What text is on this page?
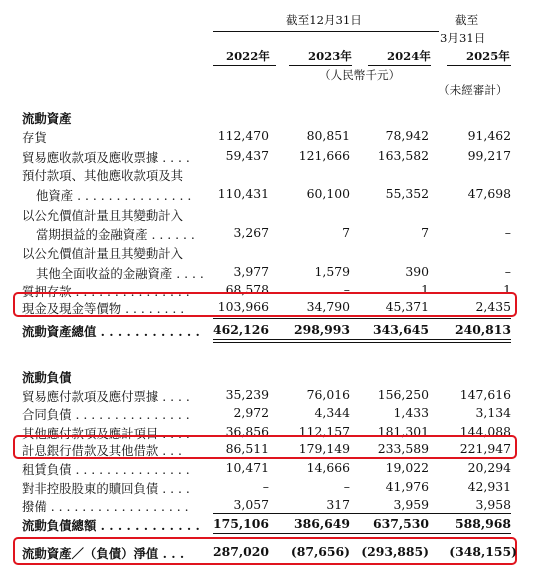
截至12月31日	截至
3月31日
2022年	2023年	2024年	2025年
（人民幣千元）
（未經審計）
流動資產
存貨	112,470	80,851	78,942	91,462
貿易應收款項及應收票據 . . . .	59,437 121,666 163,582	99,217
預付款項、其他應收款項及其
他資產 . . . . . . . . . . . . . . . 110,431	60,100	55,352	47,698
以公允價值計量且其變動計入
當期損益的金融資產 . . . . . .	3,267	7	7	–
以公允價值計量且其變動計入
其他全面收益的金融資產 . . . . 3,977	1,579	390	–
質押存款 . . . . . . . . . . . . . . .	68,578	–	1	1
現金及現金等價物 . . . . . . . .	103,966	34,790	45,371	2,435
流動資產總值 . . . . . . . . . . . . 462,126 298,993 343,645 240,813
流動負債
貿易應付款項及應付票據 . . . .	35,239	76,016 156,250 147,616
合同負債 . . . . . . . . . . . . . . .	2,972	4,344	1,433	3,134
其他應付款項及應計項目 . . . .	36,856 112,157 181,301 144,088
計息銀行借款及其他借款 . . .	86,511 179,149 233,589 221,947
租賃負債 . . . . . . . . . . . . . . .	10,471	14,666	19,022	20,294
對非控股股東的贖回負債 . . . .	–	–	41,976	42,931
撥備 . . . . . . . . . . . . . . . . . .	3,057	317	3,959	3,958
流動負債總額 . . . . . . . . . . . . 175,106 386,649 637,530 588,968
流動資產／（負債）淨值 . . . 287,020 (87,656) (293,885) (348,155)
